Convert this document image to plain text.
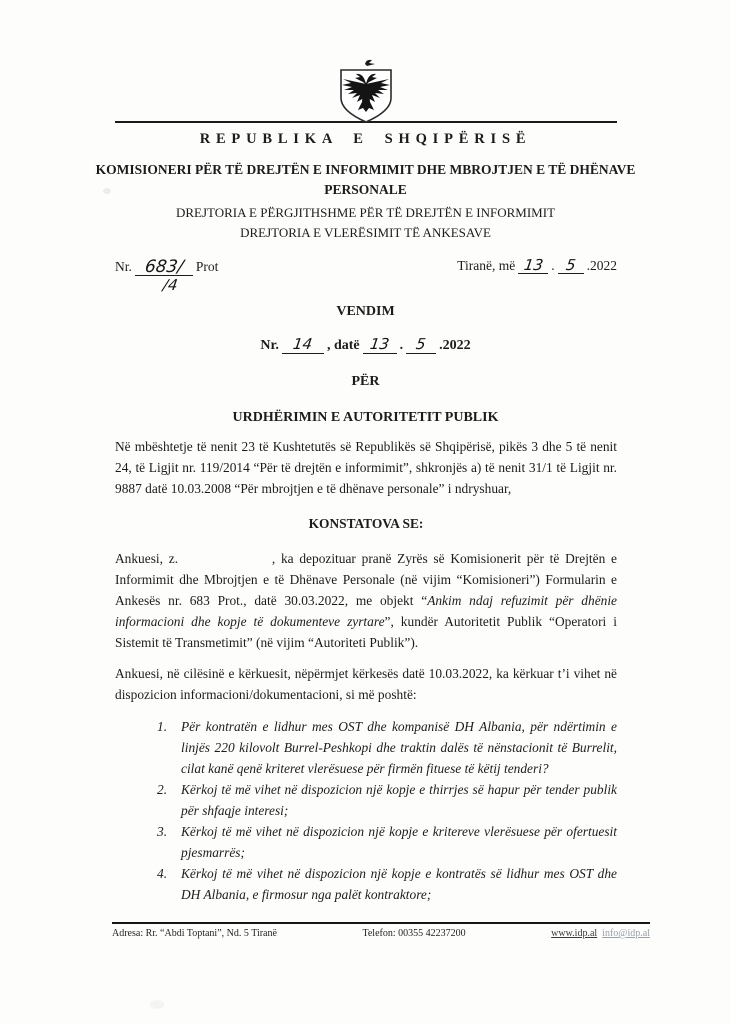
REPUBLIKA E SHQIPËRISË
KOMISIONERI PËR TË DREJTËN E INFORMIMIT DHE MBROJTJEN E TË DHËNAVE PERSONALE
DREJTORIA E PËRGJITHSHME PËR TË DREJTËN E INFORMIMIT
DREJTORIA E VLERËSIMIT TË ANKESAVE
Nr. 683/ Prot
/4
Tiranë, më 13 . 5 .2022
VENDIM
Nr. 14 , datë 13 . 5 .2022
PËR
URDHËRIMIN E AUTORITETIT PUBLIK
Në mbështetje të nenit 23 të Kushtetutës së Republikës së Shqipërisë, pikës 3 dhe 5 të nenit 24, të Ligjit nr. 119/2014 “Për të drejtën e informimit”, shkronjës a) të nenit 31/1 të Ligjit nr. 9887 datë 10.03.2008 “Për mbrojtjen e të dhënave personale” i ndryshuar,
KONSTATOVA SE:
Ankuesi, z.	, ka depozituar pranë Zyrës së Komisionerit për të Drejtën e Informimit dhe Mbrojtjen e të Dhënave Personale (në vijim “Komisioneri”) Formularin e Ankesës nr. 683 Prot., datë 30.03.2022, me objekt “Ankim ndaj refuzimit për dhënie informacioni dhe kopje të dokumenteve zyrtare”, kundër Autoritetit Publik “Operatori i Sistemit të Transmetimit” (në vijim “Autoriteti Publik”).
Ankuesi, në cilësinë e kërkuesit, nëpërmjet kërkesës datë 10.03.2022, ka kërkuar t’i vihet në dispozicion informacioni/dokumentacioni, si më poshtë:
1.	Për kontratën e lidhur mes OST dhe kompanisë DH Albania, për ndërtimin e linjës 220 kilovolt Burrel-Peshkopi dhe traktin dalës të nënstacionit të Burrelit, cilat kanë qenë kriteret vlerësuese për firmën fituese të këtij tenderi?
2.	Kërkoj të më vihet në dispozicion një kopje e thirrjes së hapur për tender publik për shfaqje interesi;
3.	Kërkoj të më vihet në dispozicion një kopje e kritereve vlerësuese për ofertuesit pjesmarrës;
4.	Kërkoj të më vihet në dispozicion një kopje e kontratës së lidhur mes OST dhe DH Albania, e firmosur nga palët kontraktore;
Adresa: Rr. “Abdi Toptani”, Nd. 5 Tiranë	Telefon: 00355 42237200	www.idp.al info@idp.al
